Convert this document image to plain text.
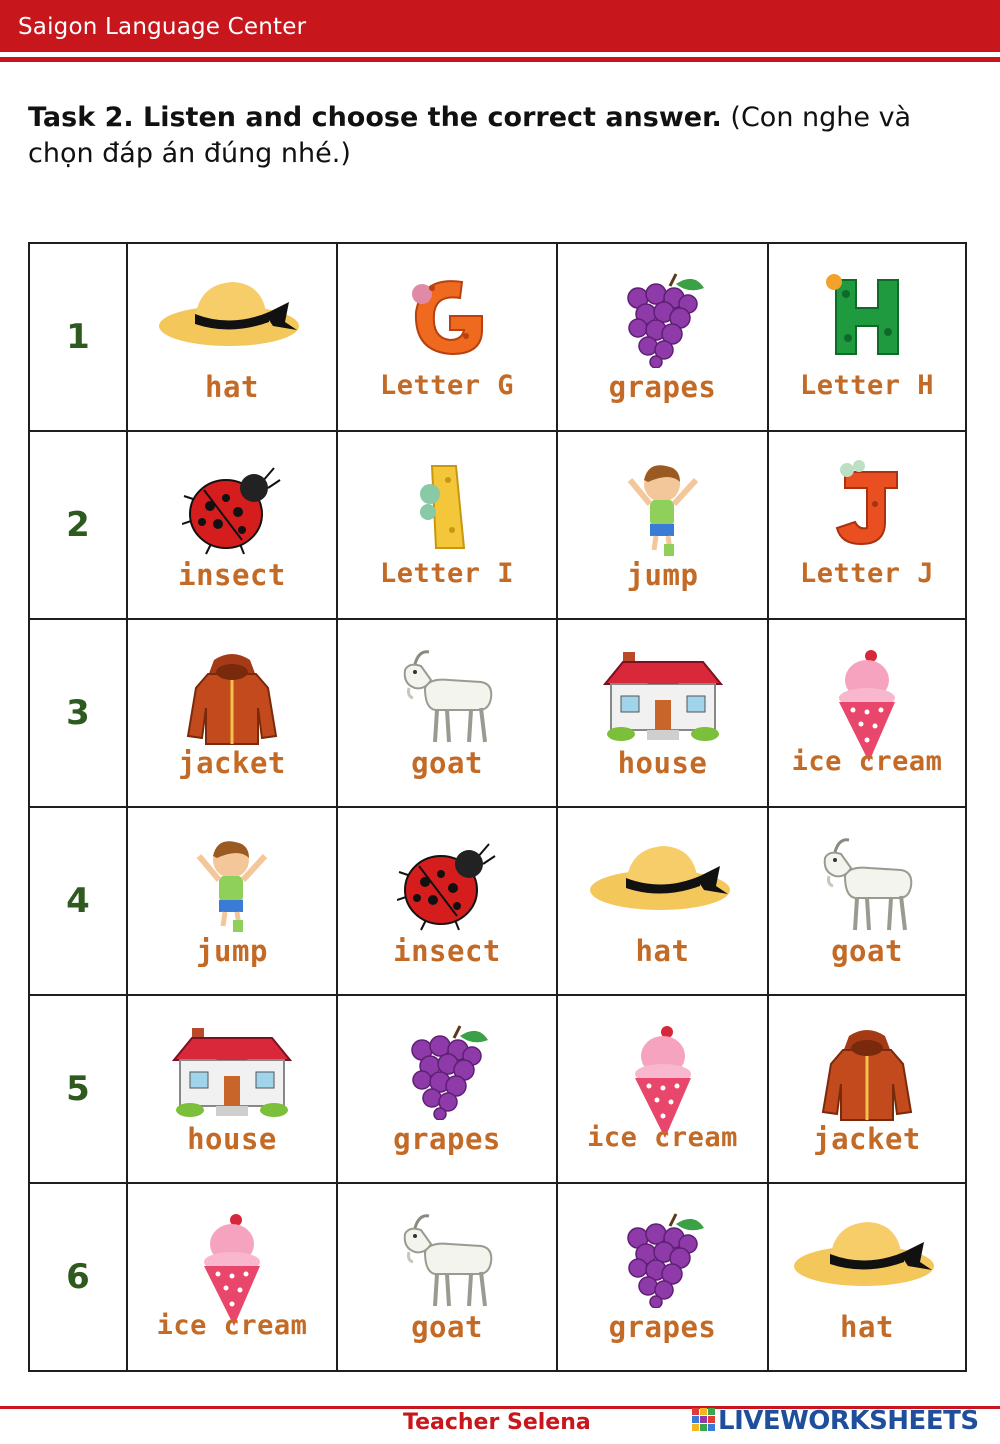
Saigon Language Center
Task 2. Listen and choose the correct answer. (Con nghe và chọn đáp án đúng nhé.)
1	hat	Letter G	grapes	Letter H

2	insect	Letter I	jump	Letter J

3	jacket	goat	house	ice cream

4	jump	insect	hat	goat

5	house	grapes	ice cream	jacket

6	ice cream	goat	grapes	hat
Teacher Selena	LIVEWORKSHEETS
